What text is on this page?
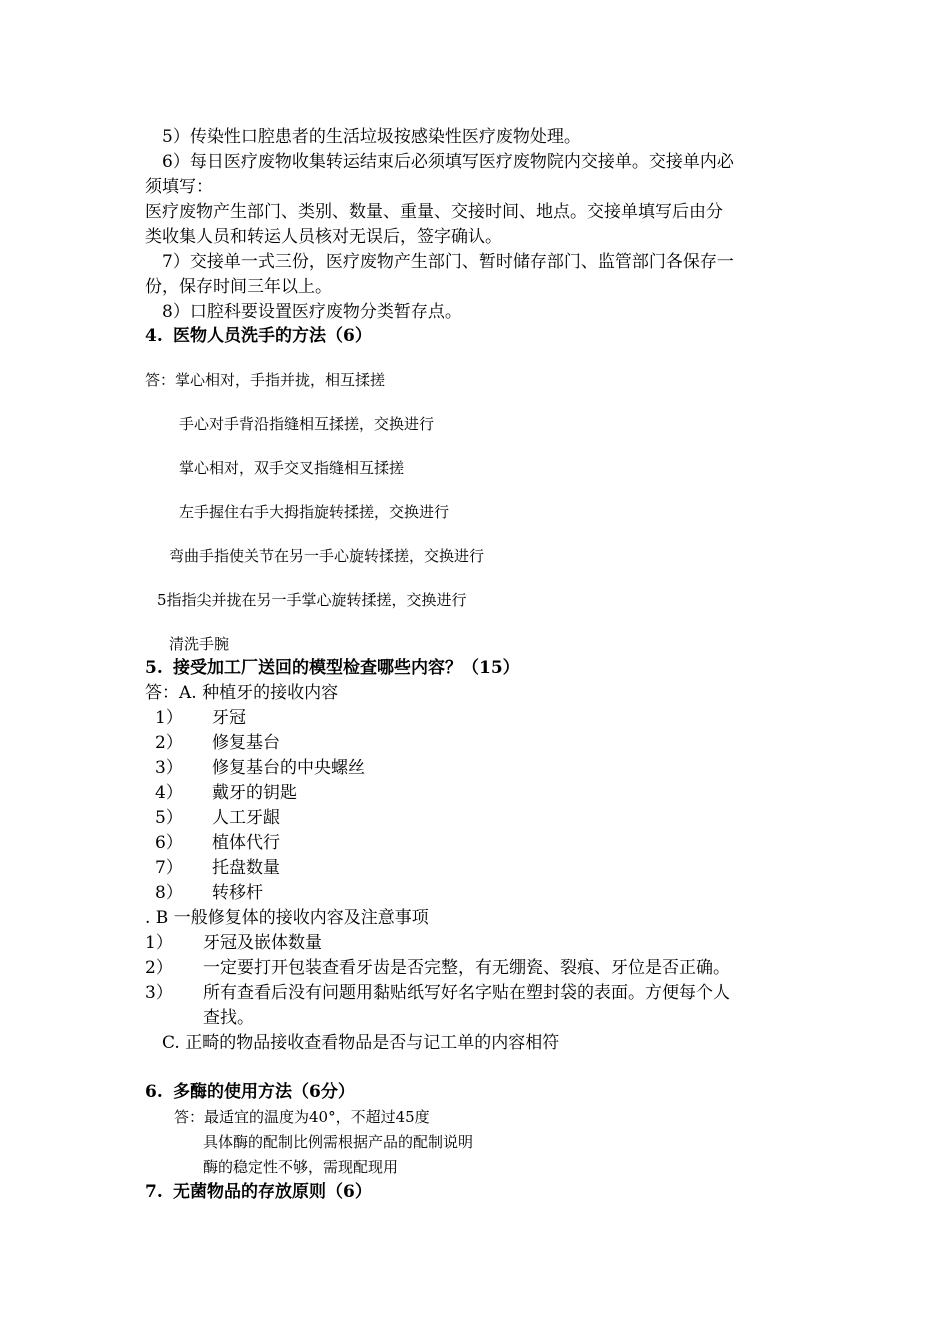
5）传染性口腔患者的生活垃圾按感染性医疗废物处理。
6）每日医疗废物收集转运结束后必须填写医疗废物院内交接单。交接单内必
须填写：
医疗废物产生部门、类别、数量、重量、交接时间、地点。交接单填写后由分
类收集人员和转运人员核对无误后，签字确认。
7）交接单一式三份，医疗废物产生部门、暂时储存部门、监管部门各保存一
份，保存时间三年以上。
8）口腔科要设置医疗废物分类暂存点。
4. 医物人员洗手的方法（6）
答：掌心相对，手指并拢，相互揉搓
手心对手背沿指缝相互揉搓，交换进行
掌心相对，双手交叉指缝相互揉搓
左手握住右手大拇指旋转揉搓，交换进行
弯曲手指使关节在另一手心旋转揉搓，交换进行
5指指尖并拢在另一手掌心旋转揉搓，交换进行
清洗手腕
5. 接受加工厂送回的模型检查哪些内容？（15）
答：A. 种植牙的接收内容
1） 牙冠
2） 修复基台
3） 修复基台的中央螺丝
4） 戴牙的钥匙
5） 人工牙龈
6） 植体代行
7） 托盘数量
8） 转移杆
. B 一般修复体的接收内容及注意事项
1） 牙冠及嵌体数量
2） 一定要打开包装查看牙齿是否完整，有无绷瓷、裂痕、牙位是否正确。
3） 所有查看后没有问题用黏贴纸写好名字贴在塑封袋的表面。方便每个人
查找。
C. 正畸的物品接收查看物品是否与记工单的内容相符
6. 多酶的使用方法（6分）
答：最适宜的温度为40°，不超过45度
具体酶的配制比例需根据产品的配制说明
酶的稳定性不够，需现配现用
7. 无菌物品的存放原则（6）
